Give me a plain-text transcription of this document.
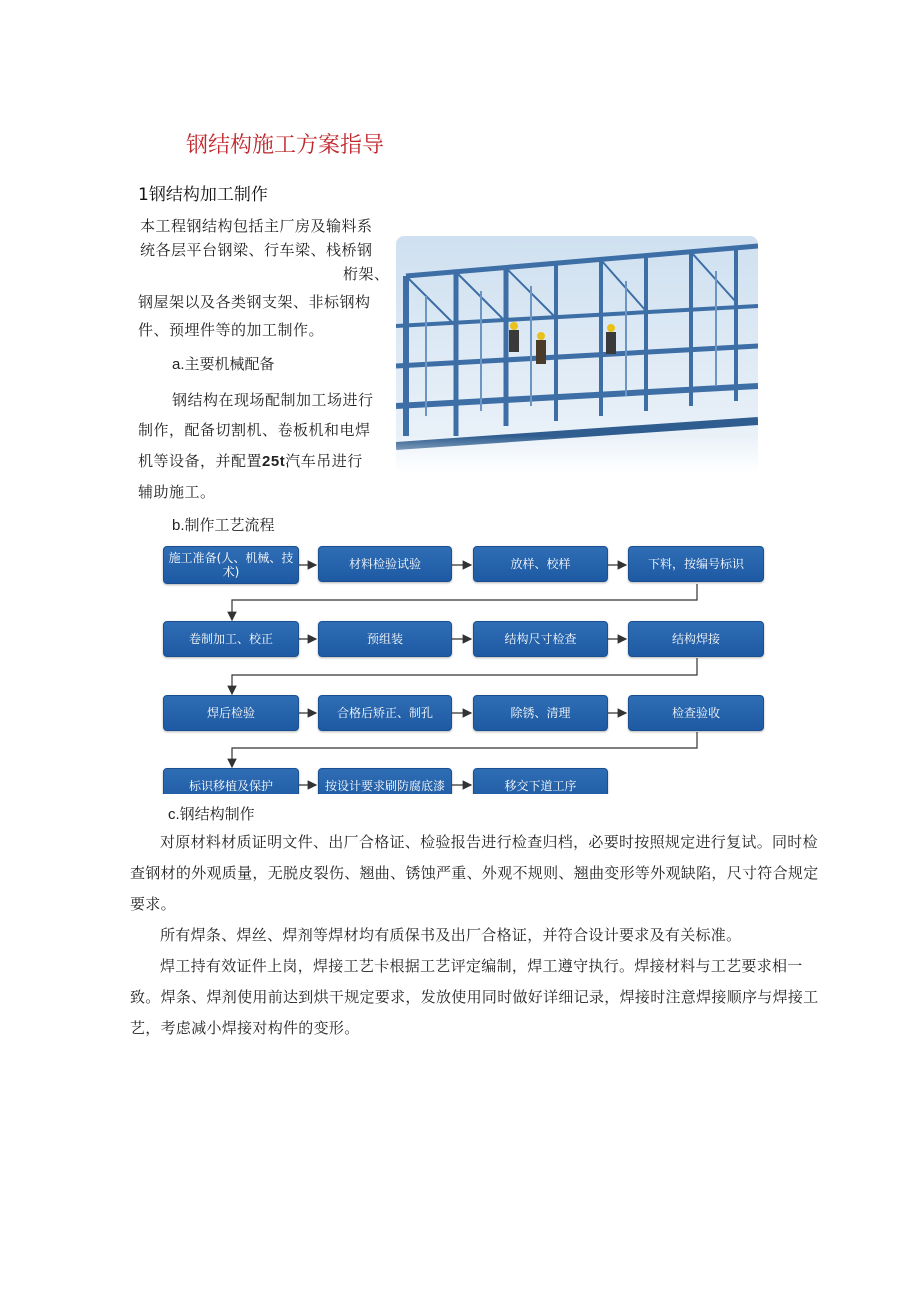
钢结构施工方案指导
1钢结构加工制作
本工程钢结构包括主厂房及输料系
统各层平台钢梁、行车梁、栈桥钢
桁架、
钢屋架以及各类钢支架、非标钢构
件、预埋件等的加工制作。
a.主要机械配备
钢结构在现场配制加工场进行
制作，配备切割机、卷板机和电焊
机等设备，并配置25t汽车吊进行
辅助施工。
b.制作工艺流程
施工准备(人、机械、技术)
材料检验试验	放样、校样	下料，按编号标识
卷制加工、校正	预组装	结构尺寸检查	结构焊接
焊后检验	合格后矫正、制孔	除锈、清理	检查验收
标识移植及保护	按设计要求刷防腐底漆	移交下道工序
c.钢结构制作

对原材料材质证明文件、出厂合格证、检验报告进行检查归档，必要时按照规定进行复试。同时检查钢材的外观质量，无脱皮裂伤、翘曲、锈蚀严重、外观不规则、翘曲变形等外观缺陷，尺寸符合规定要求。

所有焊条、焊丝、焊剂等焊材均有质保书及出厂合格证，并符合设计要求及有关标准。

焊工持有效证件上岗，焊接工艺卡根据工艺评定编制，焊工遵守执行。焊接材料与工艺要求相一致。焊条、焊剂使用前达到烘干规定要求，发放使用同时做好详细记录，焊接时注意焊接顺序与焊接工艺，考虑减小焊接对构件的变形。
